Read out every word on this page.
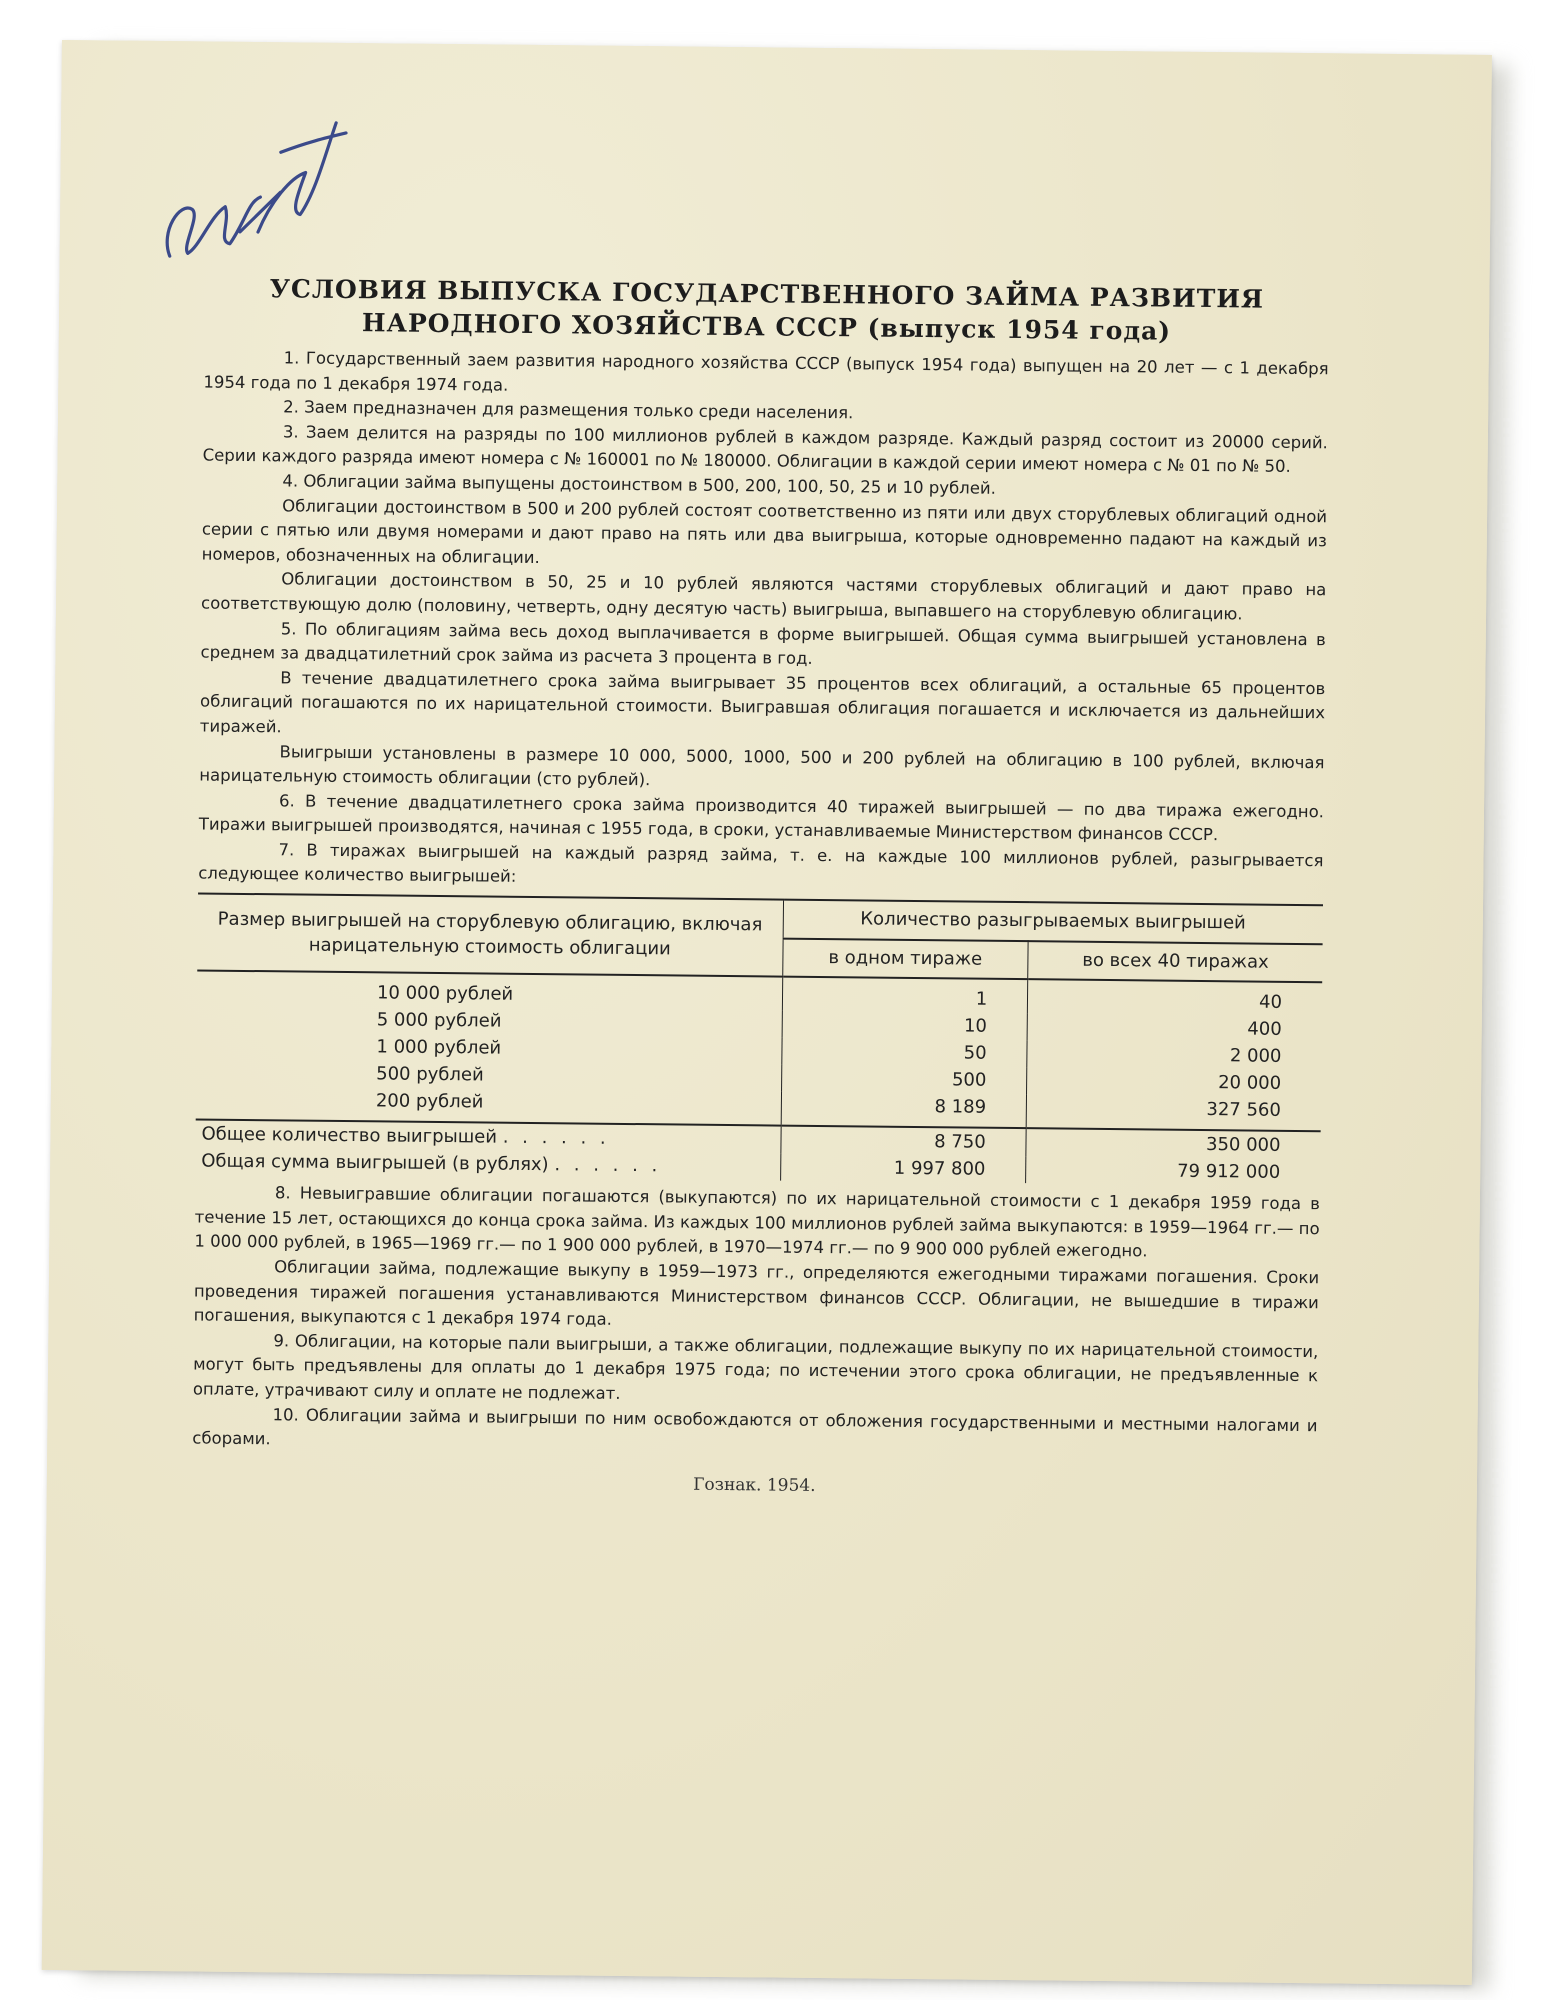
УСЛОВИЯ ВЫПУСКА ГОСУДАРСТВЕННОГО ЗАЙМА РАЗВИТИЯ
НАРОДНОГО ХОЗЯЙСТВА СССР (выпуск 1954 года)

1. Государственный заем развития народного хозяйства СССР (выпуск 1954 года) выпущен на 20 лет — с 1 декабря 1954 года по 1 декабря 1974 года.

2. Заем предназначен для размещения только среди населения.

3. Заем делится на разряды по 100 миллионов рублей в каждом разряде. Каждый разряд состоит из 20000 серий. Серии каждого разряда имеют номера с № 160001 по № 180000. Облигации в каждой серии имеют номера с № 01 по № 50.

4. Облигации займа выпущены достоинством в 500, 200, 100, 50, 25 и 10 рублей.

Облигации достоинством в 500 и 200 рублей состоят соответственно из пяти или двух сторублевых облигаций одной серии с пятью или двумя номерами и дают право на пять или два выигрыша, которые одновременно падают на каждый из номеров, обозначенных на облигации.

Облигации достоинством в 50, 25 и 10 рублей являются частями сторублевых облигаций и дают право на соответствующую долю (половину, четверть, одну десятую часть) выигрыша, выпавшего на сторублевую облигацию.

5. По облигациям займа весь доход выплачивается в форме выигрышей. Общая сумма выигрышей установлена в среднем за двадцатилетний срок займа из расчета 3 процента в год.

В течение двадцатилетнего срока займа выигрывает 35 процентов всех облигаций, а остальные 65 процентов облигаций погашаются по их нарицательной стоимости. Выигравшая облигация погашается и исключается из дальнейших тиражей.

Выигрыши установлены в размере 10 000, 5000, 1000, 500 и 200 рублей на облигацию в 100 рублей, включая нарицательную стоимость облигации (сто рублей).

6. В течение двадцатилетнего срока займа производится 40 тиражей выигрышей — по два тиража ежегодно. Тиражи выигрышей производятся, начиная с 1955 года, в сроки, устанавливаемые Министерством финансов СССР.

7. В тиражах выигрышей на каждый разряд займа, т. е. на каждые 100 миллионов рублей, разыгрывается следующее количество выигрышей:

Размер выигрышей на сторублевую облигацию, включая нарицательную стоимость облигации	Количество разыгрываемых выигрышей	
	в одном тираже	во всех 40 тиражах
10 000 рублей	1	40
5 000 рублей	10	400
1 000 рублей	50	2 000
500 рублей	500	20 000
200 рублей	8 189	327 560
Общее количество выигрышей . . . . . .	8 750	350 000
Общая сумма выигрышей (в рублях) . . . . . .	1 997 800	79 912 000

8. Невыигравшие облигации погашаются (выкупаются) по их нарицательной стоимости с 1 декабря 1959 года в течение 15 лет, остающихся до конца срока займа. Из каждых 100 миллионов рублей займа выкупаются: в 1959—1964 гг.— по 1 000 000 рублей, в 1965—1969 гг.— по 1 900 000 рублей, в 1970—1974 гг.— по 9 900 000 рублей ежегодно.

Облигации займа, подлежащие выкупу в 1959—1973 гг., определяются ежегодными тиражами погашения. Сроки проведения тиражей погашения устанавливаются Министерством финансов СССР. Облигации, не вышедшие в тиражи погашения, выкупаются с 1 декабря 1974 года.

9. Облигации, на которые пали выигрыши, а также облигации, подлежащие выкупу по их нарицательной стоимости, могут быть предъявлены для оплаты до 1 декабря 1975 года; по истечении этого срока облигации, не предъявленные к оплате, утрачивают силу и оплате не подлежат.

10. Облигации займа и выигрыши по ним освобождаются от обложения государственными и местными налогами и сборами.

Гознак. 1954.
